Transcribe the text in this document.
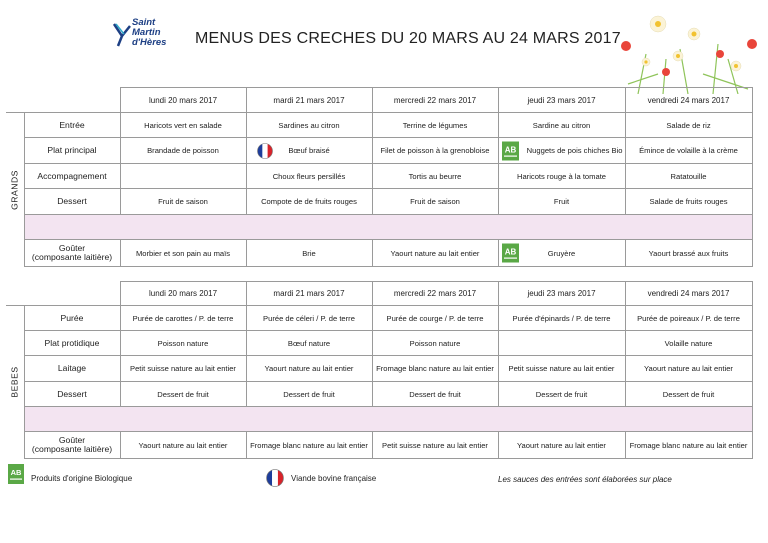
Saint
Martin
d'Hères MENUS DES CRECHES DU 20 MARS AU 24 MARS 2017
		lundi 20 mars 2017	mardi 21 mars 2017	mercredi 22 mars 2017	jeudi 23 mars 2017	vendredi 24 mars 2017

GRANDS	Entrée	Haricots vert en salade	Sardines au citron	Terrine de légumes	Sardine au citron	Salade de riz
	Plat principal	Brandade de poisson	Bœuf braisé	Filet de poisson à la grenobloise	AB Nuggets de pois chiches Bio	Émince de volaille à la crème
	Accompagnement		Choux fleurs persillés	Tortis au beurre	Haricots rouge à la tomate	Ratatouille
	Dessert	Fruit de saison	Compote de de fruits rouges	Fruit de saison	Fruit	Salade de fruits rouges

	Goûter
(composante laitière)	Morbier et son pain au maïs	Brie	Yaourt nature au lait entier	AB Gruyère	Yaourt brassé aux fruits
		lundi 20 mars 2017	mardi 21 mars 2017	mercredi 22 mars 2017	jeudi 23 mars 2017	vendredi 24 mars 2017

BEBES	Purée	Purée de carottes / P. de terre	Purée de céleri / P. de terre	Purée de courge / P. de terre	Purée d'épinards / P. de terre	Purée de poireaux / P. de terre
	Plat protidique	Poisson nature	Bœuf nature	Poisson nature		Volaille nature
	Laitage	Petit suisse nature au lait entier	Yaourt nature au lait entier	Fromage blanc nature au lait entier	Petit suisse nature au lait entier	Yaourt nature au lait entier
	Dessert	Dessert de fruit	Dessert de fruit	Dessert de fruit	Dessert de fruit	Dessert de fruit

	Goûter
(composante laitière)	Yaourt nature au lait entier	Fromage blanc nature au lait entier	Petit suisse nature au lait entier	Yaourt nature au lait entier	Fromage blanc nature au lait entier
AB
Produits d'origine Biologique	Viande bovine française	Les sauces des entrées sont élaborées sur place
